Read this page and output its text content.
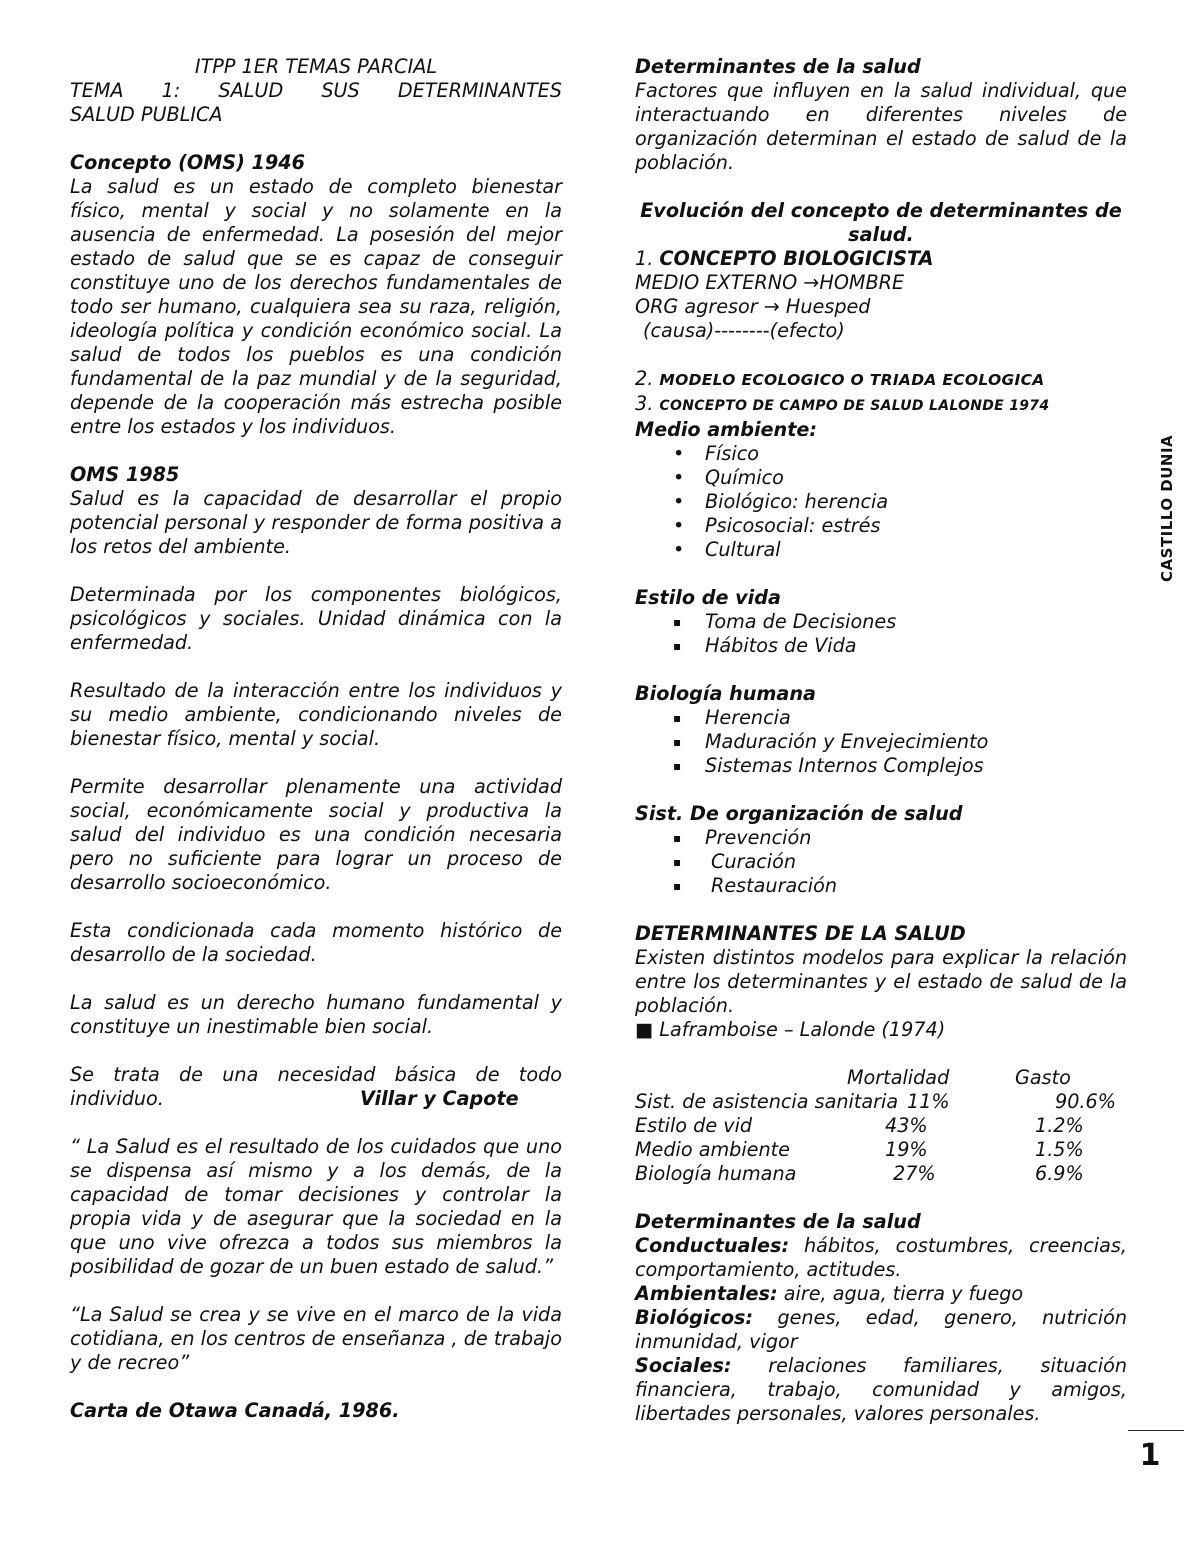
ITPP 1ER TEMAS PARCIAL

TEMA 1: SALUD SUS DETERMINANTES

SALUD PUBLICA

Concepto (OMS) 1946

La salud es un estado de completo bienestar físico, mental y social y no solamente en la ausencia de enfermedad. La posesión del mejor estado de salud que se es capaz de conseguir constituye uno de los derechos fundamentales de todo ser humano, cualquiera sea su raza, religión, ideología política y condición económico social. La salud de todos los pueblos es una condición fundamental de la paz mundial y de la seguridad, depende de la cooperación más estrecha posible entre los estados y los individuos.

OMS 1985

Salud es la capacidad de desarrollar el propio potencial personal y responder de forma positiva a los retos del ambiente.

Determinada por los componentes biológicos, psicológicos y sociales. Unidad dinámica con la enfermedad.

Resultado de la interacción entre los individuos y su medio ambiente, condicionando niveles de bienestar físico, mental y social.

Permite desarrollar plenamente una actividad social, económicamente social y productiva la salud del individuo es una condición necesaria pero no suficiente para lograr un proceso de desarrollo socioeconómico.

Esta condicionada cada momento histórico de desarrollo de la sociedad.

La salud es un derecho humano fundamental y constituye un inestimable bien social.

Se trata de una necesidad básica de todo

individuo.	Villar y Capote

“ La Salud es el resultado de los cuidados que uno se dispensa así mismo y a los demás, de la capacidad de tomar decisiones y controlar la propia vida y de asegurar que la sociedad en la que uno vive ofrezca a todos sus miembros la posibilidad de gozar de un buen estado de salud.”

“La Salud se crea y se vive en el marco de la vida cotidiana, en los centros de enseñanza , de trabajo y de recreo”

Carta de Otawa Canadá, 1986.

Determinantes de la salud

Factores que influyen en la salud individual, que interactuando en diferentes niveles de organización determinan el estado de salud de la población.

Evolución del concepto de determinantes de salud.

1. CONCEPTO BIOLOGICISTA

MEDIO EXTERNO →HOMBRE

ORG agresor → Huesped

(causa)--------(efecto)

2. MODELO ECOLOGICO O TRIADA ECOLOGICA

3. CONCEPTO DE CAMPO DE SALUD LALONDE 1974

Medio ambiente:

• Físico
• Químico
• Biológico: herencia
• Psicosocial: estrés
• Cultural

Estilo de vida

▪ Toma de Decisiones
▪ Hábitos de Vida

Biología humana

▪ Herencia
▪ Maduración y Envejecimiento
▪ Sistemas Internos Complejos

Sist. De organización de salud

▪ Prevención
▪ Curación
▪ Restauración

DETERMINANTES DE LA SALUD

Existen distintos modelos para explicar la relación entre los determinantes y el estado de salud de la población.

■ Laframboise – Lalonde (1974)

	Mortalidad	Gasto
Sist. de asistencia sanitaria 11%	90.6%
Estilo de vid	43%	1.2%
Medio ambiente	19%	1.5%
Biología humana	27%	6.9%

Determinantes de la salud

Conductuales: hábitos, costumbres, creencias, comportamiento, actitudes.

Ambientales: aire, agua, tierra y fuego

Biológicos: genes, edad, genero, nutrición inmunidad, vigor

Sociales: relaciones familiares, situación financiera, trabajo, comunidad y amigos, libertades personales, valores personales.

CASTILLO DUNIA
1
